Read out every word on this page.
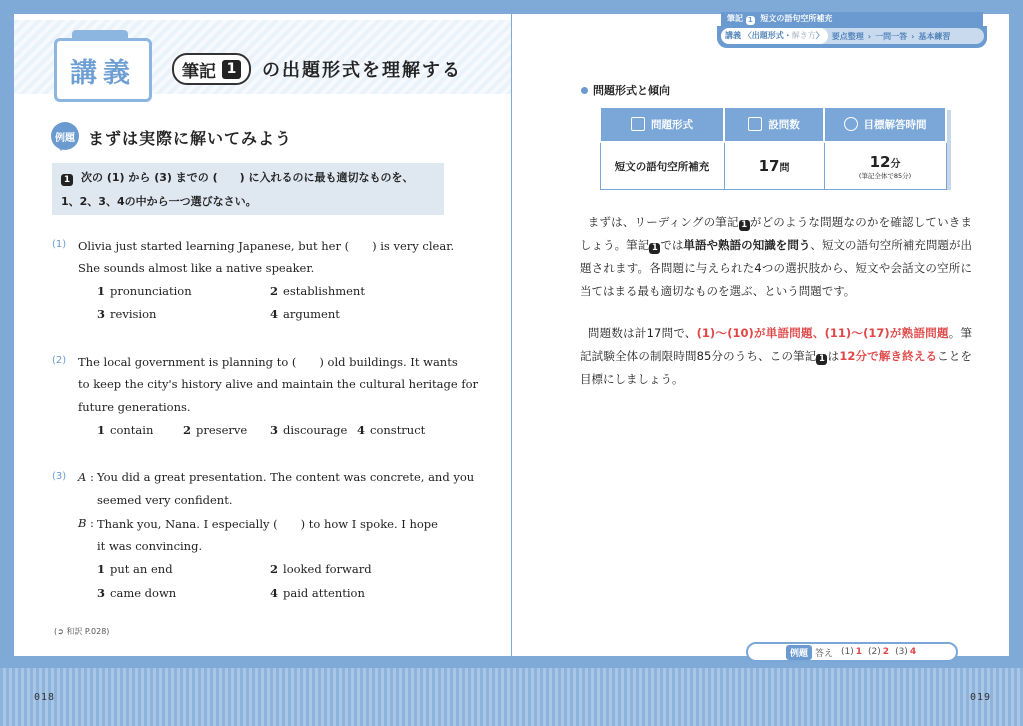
018	019
講義	筆記 1 の出題形式を理解する
例題 まずは実際に解いてみよう
1 次の (1) から (3) までの (　　) に入れるのに最も適切なものを、
1、2、3、4の中から一つ選びなさい。
(1) Olivia just started learning Japanese, but her (　　) is very clear.
She sounds almost like a native speaker.
1 pronunciation	2 establishment
3 revision	4 argument
(2) The local government is planning to (　　) old buildings. It wants
to keep the city's history alive and maintain the cultural heritage for
future generations.
1 contain	2 preserve 3 discourage 4 construct
(3) A : You did a great presentation. The content was concrete, and you
seemed very confident.
B : Thank you, Nana. I especially (　　) to how I spoke. I hope
it was convincing.
1 put an end	2 looked forward
3 came down	4 paid attention
(➲ 和訳 P.028)
筆記 1 短文の語句空所補充
講義 〈出題形式・解き方〉	要点整理 › 一問一答 › 基本練習
問題形式と傾向
問題形式	設問数	目標解答時間
短文の語句空所補充	17問	12分
(筆記全体で85分)
まずは、リーディングの筆記 1 がどのような問題なのかを確認していきましょう。筆記 1 では単語や熟語の知識を問う、短文の語句空所補充問題が出題されます。各問題に与えられた4つの選択肢から、短文や会話文の空所に当てはまる最も適切なものを選ぶ、という問題です。
問題数は計17問で、(1)〜(10)が単語問題、(11)〜(17)が熟語問題。筆記試験全体の制限時間85分のうち、この筆記 1 は12分で解き終えることを目標にしましょう。
例題 答え (1) 1 (2) 2 (3) 4
